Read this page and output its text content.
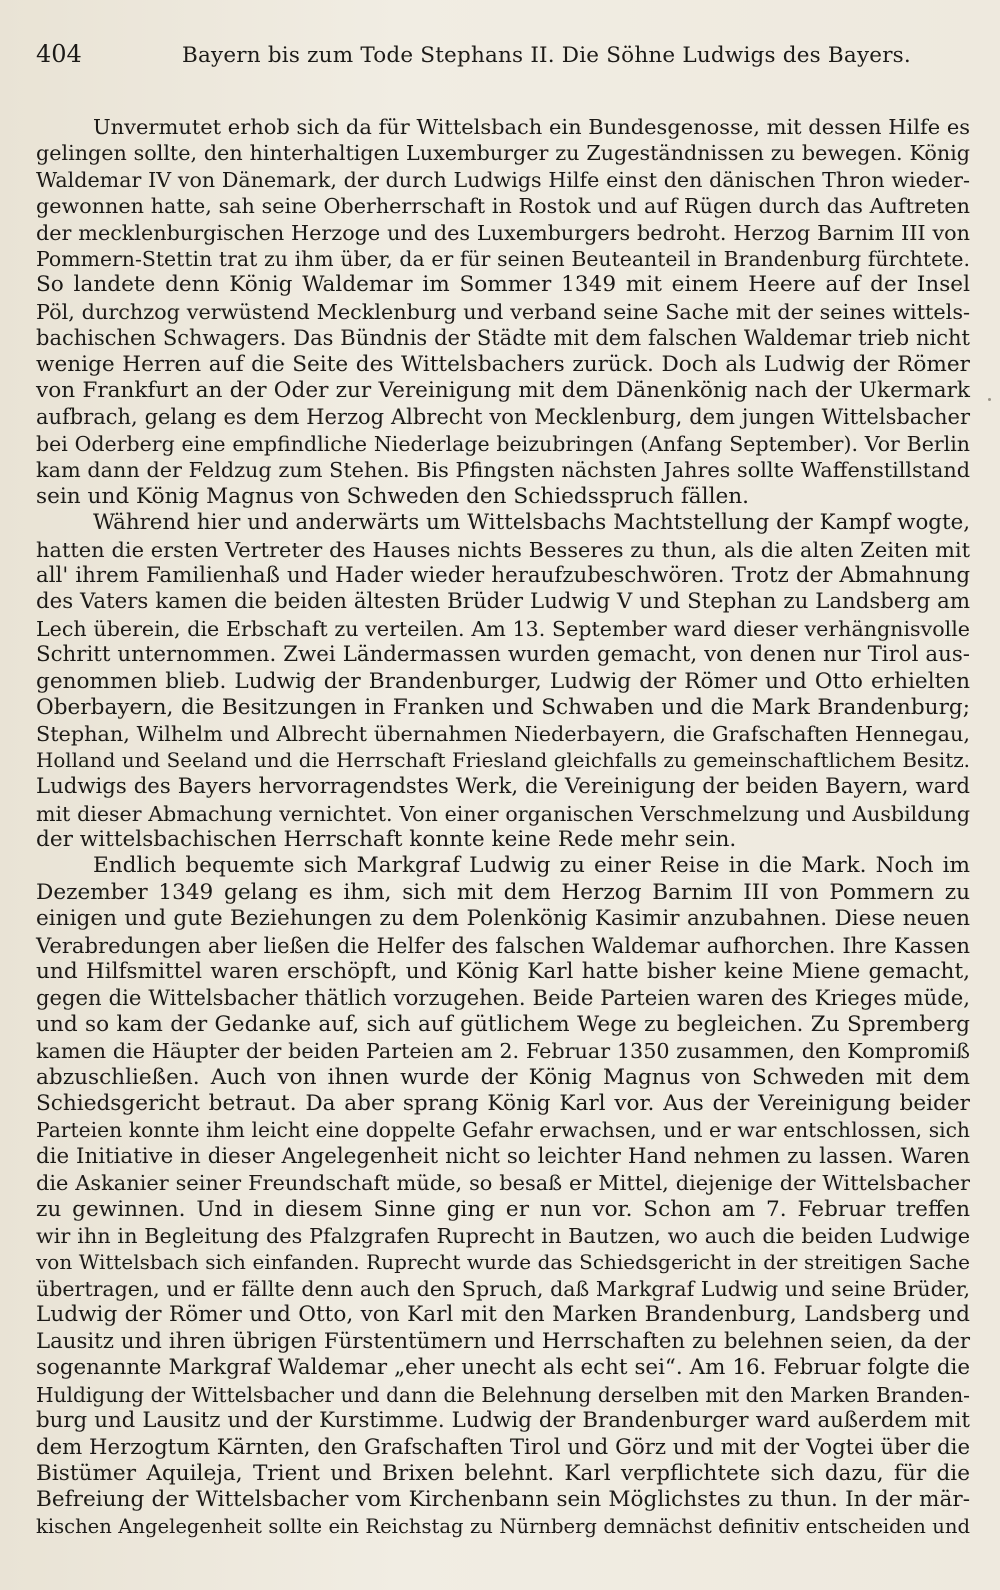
404	Bayern bis zum Tode Stephans II. Die Söhne Ludwigs des Bayers.

Unvermutet erhob sich da für Wittelsbach ein Bundesgenosse, mit dessen Hilfe es
gelingen sollte, den hinterhaltigen Luxemburger zu Zugeständnissen zu bewegen. König
Waldemar IV von Dänemark, der durch Ludwigs Hilfe einst den dänischen Thron wieder-
gewonnen hatte, sah seine Oberherrschaft in Rostok und auf Rügen durch das Auftreten
der mecklenburgischen Herzoge und des Luxemburgers bedroht. Herzog Barnim III von
Pommern-Stettin trat zu ihm über, da er für seinen Beuteanteil in Brandenburg fürchtete.
So landete denn König Waldemar im Sommer 1349 mit einem Heere auf der Insel
Pöl, durchzog verwüstend Mecklenburg und verband seine Sache mit der seines wittels-
bachischen Schwagers. Das Bündnis der Städte mit dem falschen Waldemar trieb nicht
wenige Herren auf die Seite des Wittelsbachers zurück. Doch als Ludwig der Römer
von Frankfurt an der Oder zur Vereinigung mit dem Dänenkönig nach der Ukermark
aufbrach, gelang es dem Herzog Albrecht von Mecklenburg, dem jungen Wittelsbacher
bei Oderberg eine empfindliche Niederlage beizubringen (Anfang September). Vor Berlin
kam dann der Feldzug zum Stehen. Bis Pfingsten nächsten Jahres sollte Waffenstillstand
sein und König Magnus von Schweden den Schiedsspruch fällen.

Während hier und anderwärts um Wittelsbachs Machtstellung der Kampf wogte,
hatten die ersten Vertreter des Hauses nichts Besseres zu thun, als die alten Zeiten mit
all' ihrem Familienhaß und Hader wieder heraufzubeschwören. Trotz der Abmahnung
des Vaters kamen die beiden ältesten Brüder Ludwig V und Stephan zu Landsberg am
Lech überein, die Erbschaft zu verteilen. Am 13. September ward dieser verhängnisvolle
Schritt unternommen. Zwei Ländermassen wurden gemacht, von denen nur Tirol aus-
genommen blieb. Ludwig der Brandenburger, Ludwig der Römer und Otto erhielten
Oberbayern, die Besitzungen in Franken und Schwaben und die Mark Brandenburg;
Stephan, Wilhelm und Albrecht übernahmen Niederbayern, die Grafschaften Hennegau,
Holland und Seeland und die Herrschaft Friesland gleichfalls zu gemeinschaftlichem Besitz.
Ludwigs des Bayers hervorragendstes Werk, die Vereinigung der beiden Bayern, ward
mit dieser Abmachung vernichtet. Von einer organischen Verschmelzung und Ausbildung
der wittelsbachischen Herrschaft konnte keine Rede mehr sein.

Endlich bequemte sich Markgraf Ludwig zu einer Reise in die Mark. Noch im
Dezember 1349 gelang es ihm, sich mit dem Herzog Barnim III von Pommern zu
einigen und gute Beziehungen zu dem Polenkönig Kasimir anzubahnen. Diese neuen
Verabredungen aber ließen die Helfer des falschen Waldemar aufhorchen. Ihre Kassen
und Hilfsmittel waren erschöpft, und König Karl hatte bisher keine Miene gemacht,
gegen die Wittelsbacher thätlich vorzugehen. Beide Parteien waren des Krieges müde,
und so kam der Gedanke auf, sich auf gütlichem Wege zu begleichen. Zu Spremberg
kamen die Häupter der beiden Parteien am 2. Februar 1350 zusammen, den Kompromiß
abzuschließen. Auch von ihnen wurde der König Magnus von Schweden mit dem
Schiedsgericht betraut. Da aber sprang König Karl vor. Aus der Vereinigung beider
Parteien konnte ihm leicht eine doppelte Gefahr erwachsen, und er war entschlossen, sich
die Initiative in dieser Angelegenheit nicht so leichter Hand nehmen zu lassen. Waren
die Askanier seiner Freundschaft müde, so besaß er Mittel, diejenige der Wittelsbacher
zu gewinnen. Und in diesem Sinne ging er nun vor. Schon am 7. Februar treffen
wir ihn in Begleitung des Pfalzgrafen Ruprecht in Bautzen, wo auch die beiden Ludwige
von Wittelsbach sich einfanden. Ruprecht wurde das Schiedsgericht in der streitigen Sache
übertragen, und er fällte denn auch den Spruch, daß Markgraf Ludwig und seine Brüder,
Ludwig der Römer und Otto, von Karl mit den Marken Brandenburg, Landsberg und
Lausitz und ihren übrigen Fürstentümern und Herrschaften zu belehnen seien, da der
sogenannte Markgraf Waldemar „eher unecht als echt sei“. Am 16. Februar folgte die
Huldigung der Wittelsbacher und dann die Belehnung derselben mit den Marken Branden-
burg und Lausitz und der Kurstimme. Ludwig der Brandenburger ward außerdem mit
dem Herzogtum Kärnten, den Grafschaften Tirol und Görz und mit der Vogtei über die
Bistümer Aquileja, Trient und Brixen belehnt. Karl verpflichtete sich dazu, für die
Befreiung der Wittelsbacher vom Kirchenbann sein Möglichstes zu thun. In der mär-
kischen Angelegenheit sollte ein Reichstag zu Nürnberg demnächst definitiv entscheiden und
